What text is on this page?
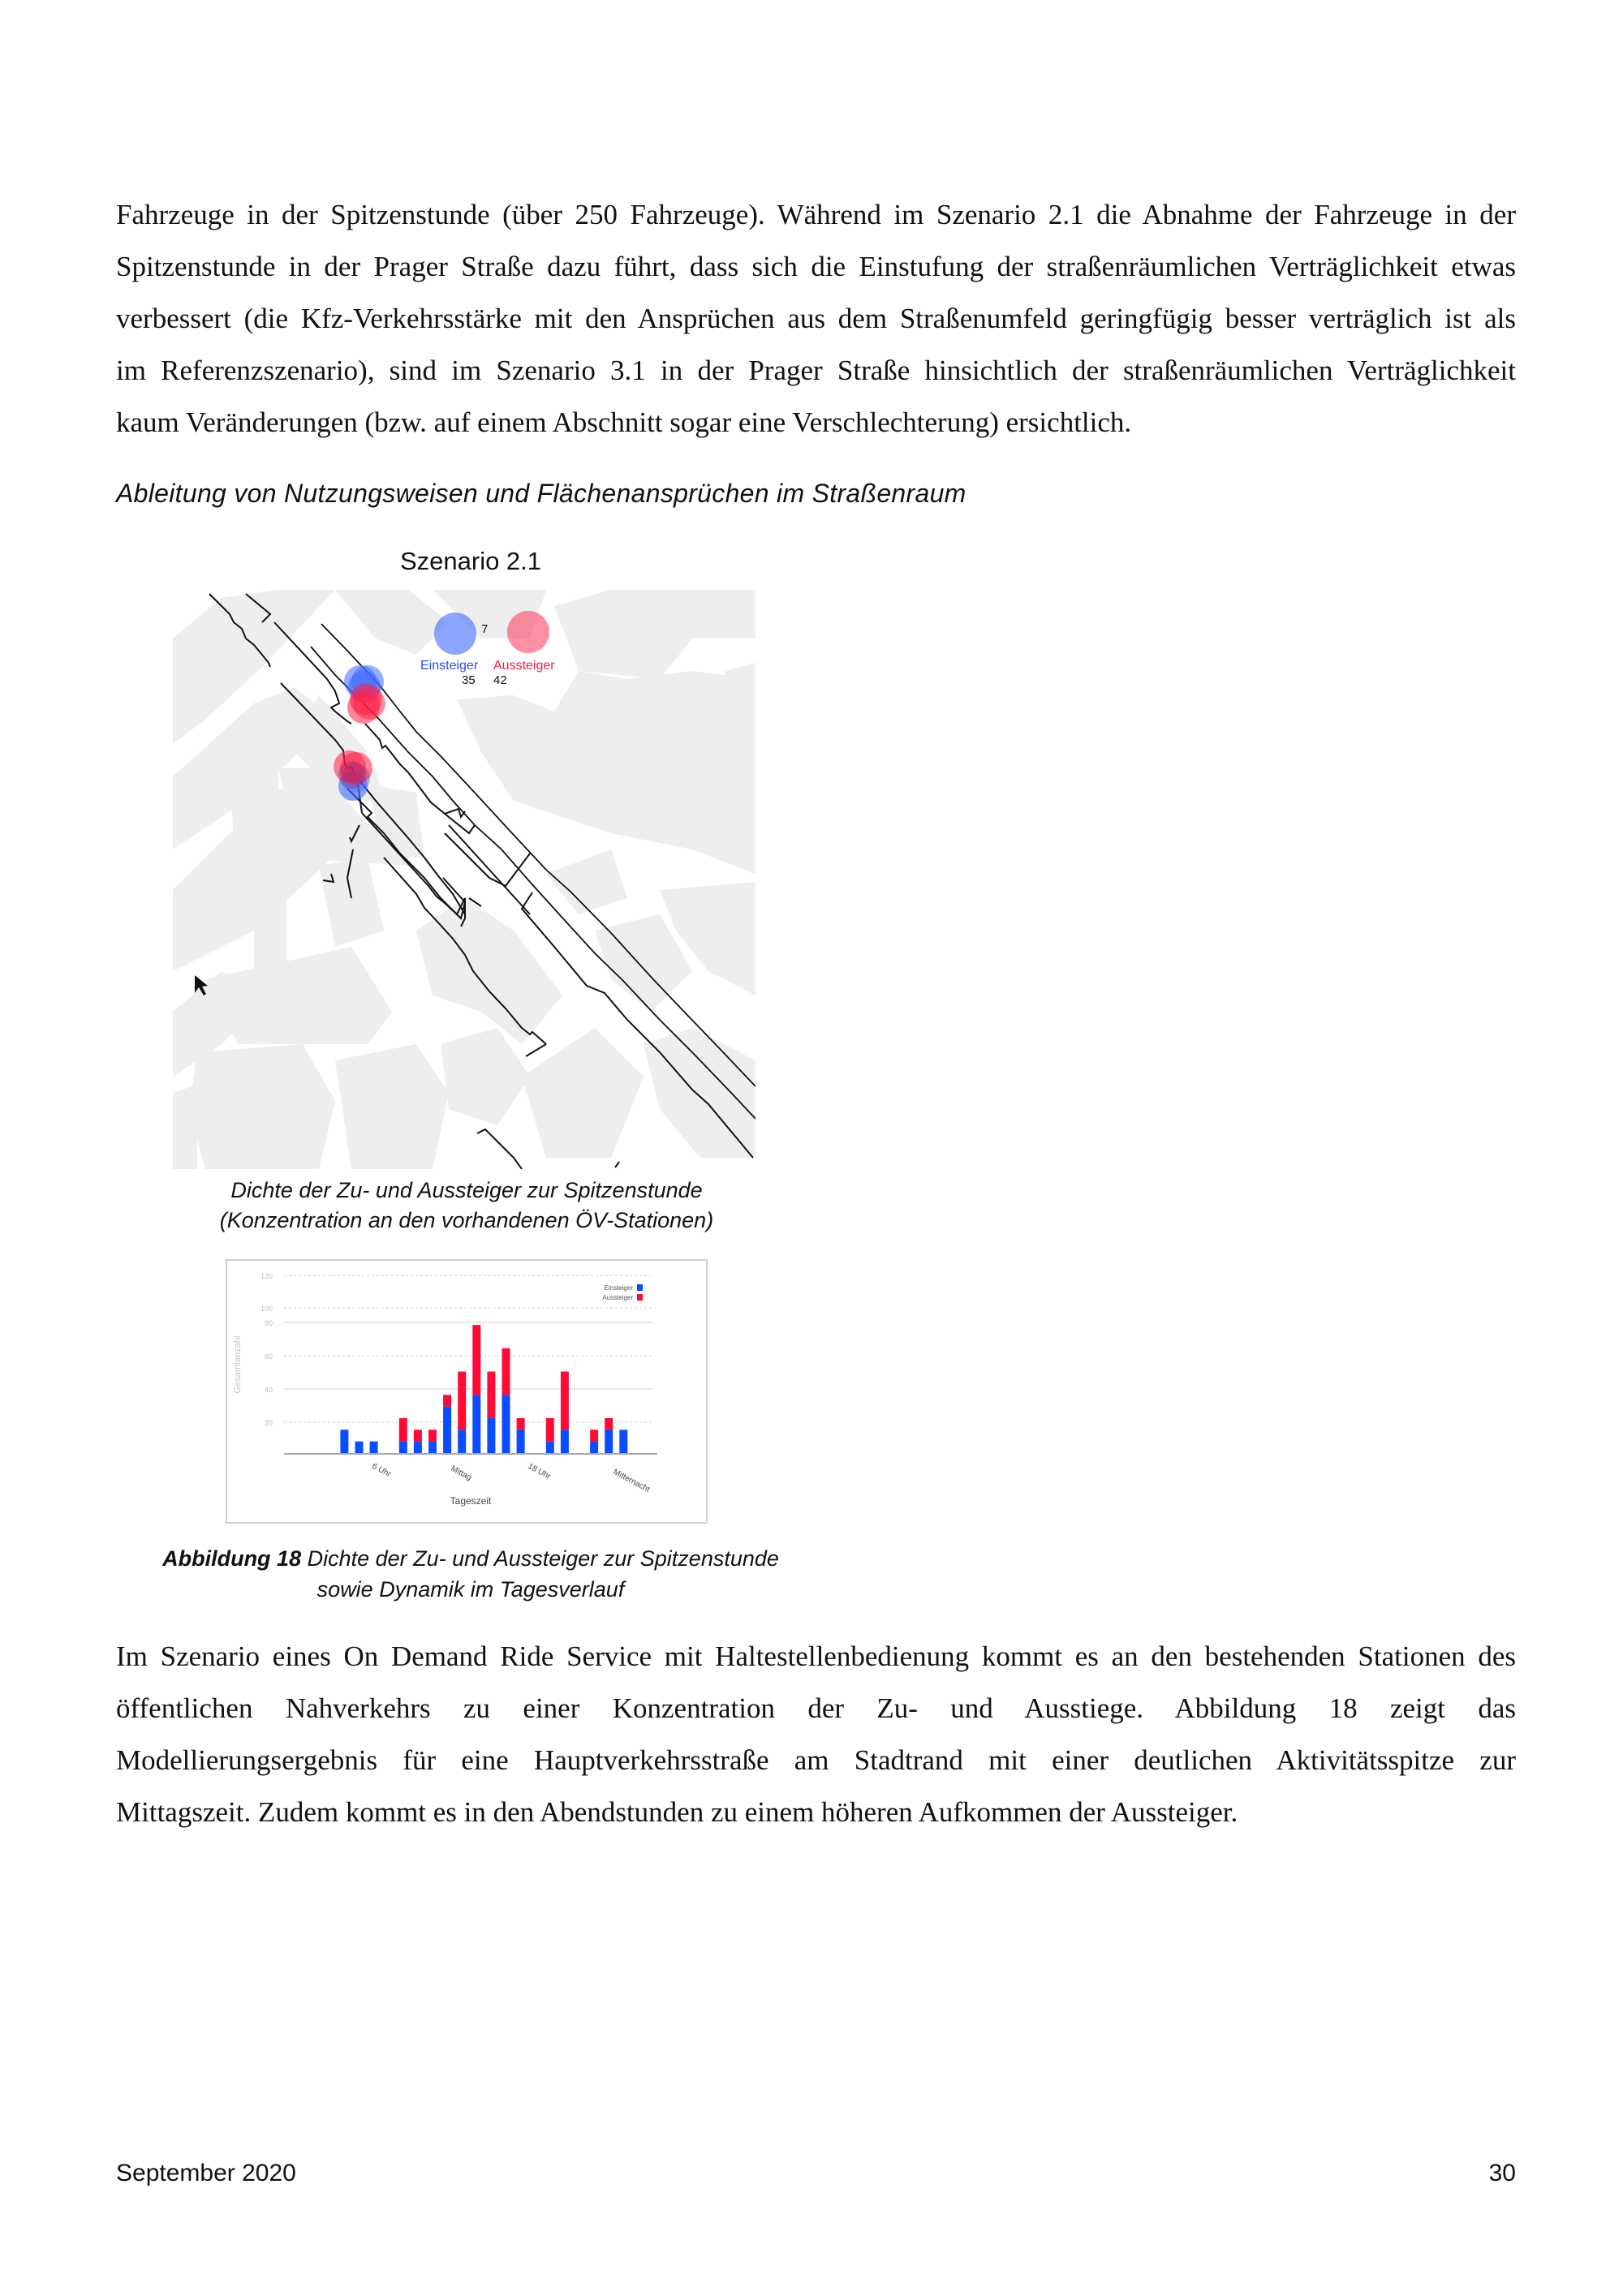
Fahrzeuge in der Spitzenstunde (über 250 Fahrzeuge). Während im Szenario 2.1 die Abnahme der Fahrzeuge in der
Spitzenstunde in der Prager Straße dazu führt, dass sich die Einstufung der straßenräumlichen Verträglichkeit etwas
verbessert (die Kfz-Verkehrsstärke mit den Ansprüchen aus dem Straßenumfeld geringfügig besser verträglich ist als
im Referenzszenario), sind im Szenario 3.1 in der Prager Straße hinsichtlich der straßenräumlichen Verträglichkeit
kaum Veränderungen (bzw. auf einem Abschnitt sogar eine Verschlechterung) ersichtlich.
Ableitung von Nutzungsweisen und Flächenansprüchen im Straßenraum
Szenario 2.1
7
Einsteiger
35
Aussteiger
42
Dichte der Zu- und Aussteiger zur Spitzenstunde
(Konzentration an den vorhandenen ÖV-Stationen)
20
40
60
90
100
120
Gesamtanzahl
6 Uhr	Mittag	18 Uhr	Mitternacht
Tageszeit
Einsteiger
Aussteiger
Abbildung 18 Dichte der Zu- und Aussteiger zur Spitzenstunde
sowie Dynamik im Tagesverlauf
Im Szenario eines On Demand Ride Service mit Haltestellenbedienung kommt es an den bestehenden Stationen des
öffentlichen Nahverkehrs zu einer Konzentration der Zu- und Ausstiege. Abbildung 18 zeigt das
Modellierungsergebnis für eine Hauptverkehrsstraße am Stadtrand mit einer deutlichen Aktivitätsspitze zur
Mittagszeit. Zudem kommt es in den Abendstunden zu einem höheren Aufkommen der Aussteiger.
September 2020	30
